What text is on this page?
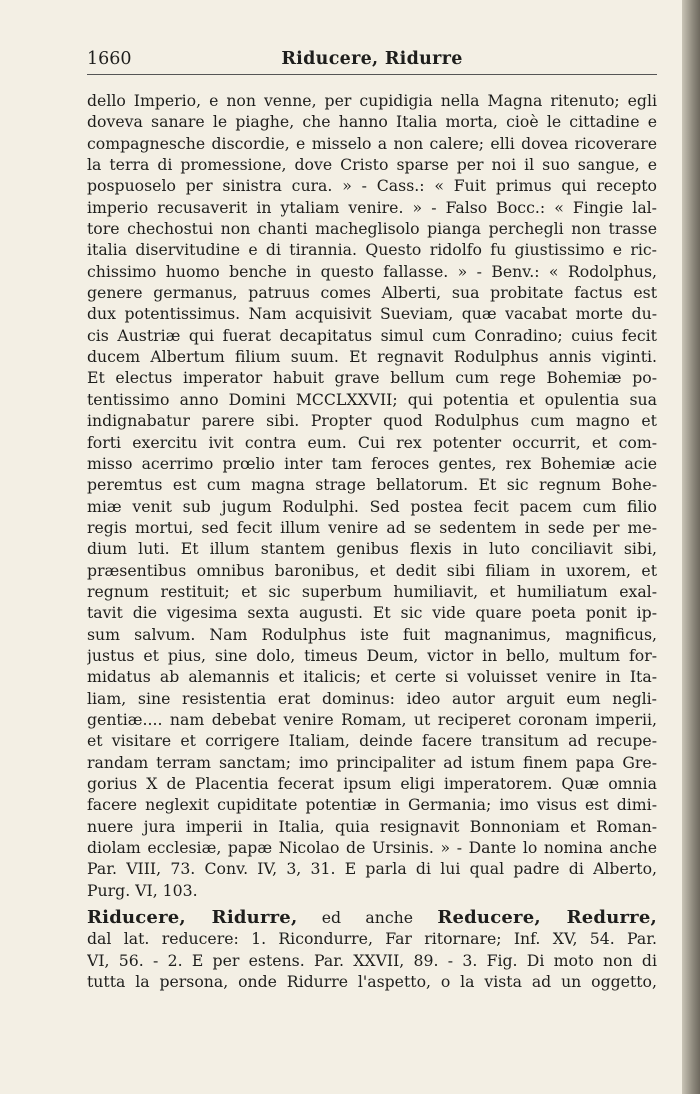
1660	Riducere, Ridurre
dello Imperio, e non venne, per cupidigia nella Magna ritenuto; egli
doveva sanare le piaghe, che hanno Italia morta, cioè le cittadine e
compagnesche discordie, e misselo a non calere; elli dovea ricoverare
la terra di promessione, dove Cristo sparse per noi il suo sangue, e
pospuoselo per sinistra cura. » - Cass.: « Fuit primus qui recepto
imperio recusaverit in ytaliam venire. » - Falso Bocc.: « Fingie lal-
tore chechostui non chanti macheglisolo pianga perchegli non trasse
italia diservitudine e di tirannia. Questo ridolfo fu giustissimo e ric-
chissimo huomo benche in questo fallasse. » - Benv.: « Rodolphus,
genere germanus, patruus comes Alberti, sua probitate factus est
dux potentissimus. Nam acquisivit Sueviam, quæ vacabat morte du-
cis Austriæ qui fuerat decapitatus simul cum Conradino; cuius fecit
ducem Albertum filium suum. Et regnavit Rodulphus annis viginti.
Et electus imperator habuit grave bellum cum rege Bohemiæ po-
tentissimo anno Domini MCCLXXVII; qui potentia et opulentia sua
indignabatur parere sibi. Propter quod Rodulphus cum magno et
forti exercitu ivit contra eum. Cui rex potenter occurrit, et com-
misso acerrimo prœlio inter tam feroces gentes, rex Bohemiæ acie
peremtus est cum magna strage bellatorum. Et sic regnum Bohe-
miæ venit sub jugum Rodulphi. Sed postea fecit pacem cum filio
regis mortui, sed fecit illum venire ad se sedentem in sede per me-
dium luti. Et illum stantem genibus flexis in luto conciliavit sibi,
præsentibus omnibus baronibus, et dedit sibi filiam in uxorem, et
regnum restituit; et sic superbum humiliavit, et humiliatum exal-
tavit die vigesima sexta augusti. Et sic vide quare poeta ponit ip-
sum salvum. Nam Rodulphus iste fuit magnanimus, magnificus,
justus et pius, sine dolo, timeus Deum, victor in bello, multum for-
midatus ab alemannis et italicis; et certe si voluisset venire in Ita-
liam, sine resistentia erat dominus: ideo autor arguit eum negli-
gentiæ.... nam debebat venire Romam, ut reciperet coronam imperii,
et visitare et corrigere Italiam, deinde facere transitum ad recupe-
randam terram sanctam; imo principaliter ad istum finem papa Gre-
gorius X de Placentia fecerat ipsum eligi imperatorem. Quæ omnia
facere neglexit cupiditate potentiæ in Germania; imo visus est dimi-
nuere jura imperii in Italia, quia resignavit Bonnoniam et Roman-
diolam ecclesiæ, papæ Nicolao de Ursinis. » - Dante lo nomina anche
Par. VIII, 73. Conv. IV, 3, 31. E parla di lui qual padre di Alberto,
Purg. VI, 103.
Riducere, Ridurre, ed anche Reducere, Redurre,
dal lat. reducere: 1. Ricondurre, Far ritornare; Inf. XV, 54. Par.
VI, 56. - 2. E per estens. Par. XXVII, 89. - 3. Fig. Di moto non di
tutta la persona, onde Ridurre l'aspetto, o la vista ad un oggetto,
